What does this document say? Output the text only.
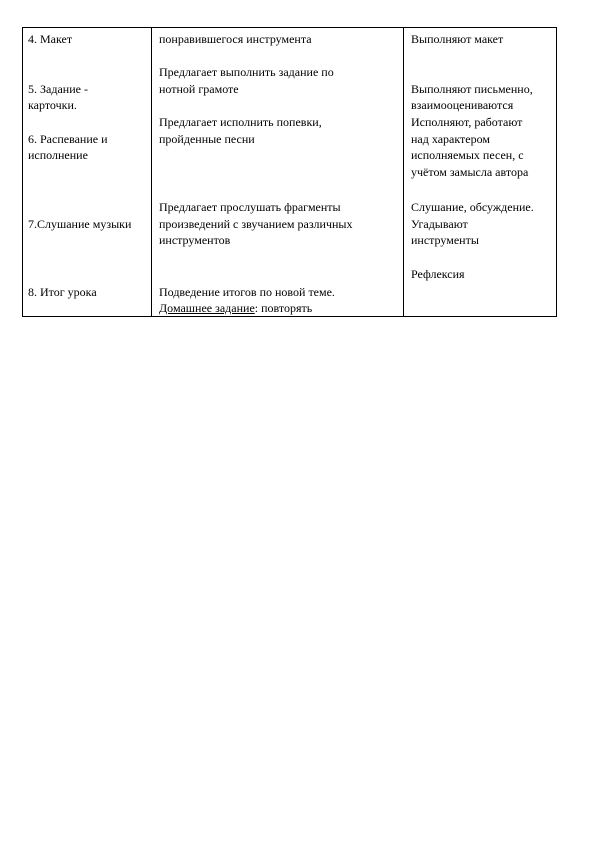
4. Макет
5. Задание -
карточки.
6. Распевание и
исполнение
7.Слушание музыки
8. Итог урока
понравившегося инструмента
Предлагает выполнить задание по
нотной грамоте
Предлагает исполнить попевки,
пройденные песни
Предлагает прослушать фрагменты
произведений с звучанием различных
инструментов
Подведение итогов по новой теме.
Домашнее задание: повторять
Выполняют макет
Выполняют письменно,
взаимооцениваются
Исполняют, работают
над характером
исполняемых песен, с
учётом замысла автора
Слушание, обсуждение.
Угадывают
инструменты
Рефлексия
